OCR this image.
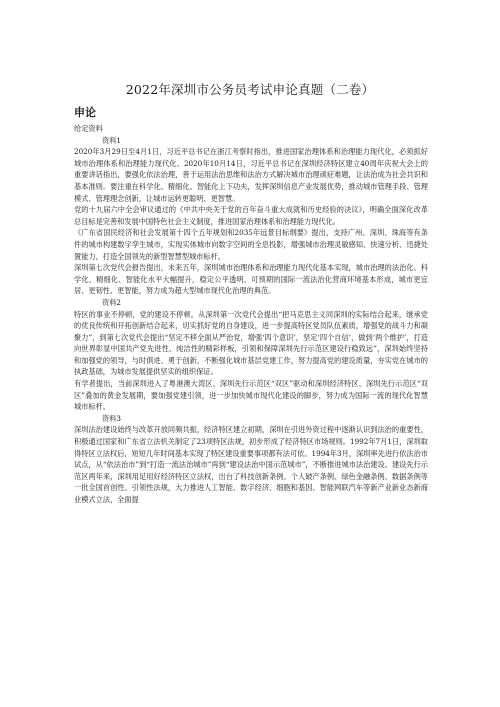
2022年深圳市公务员考试申论真题（二卷）
申论

给定资料

资料1

2020年3月29日至4月1日，习近平总书记在浙江考察时指出，推进国家治理体系和治理能力现代化，必须抓好城市治理体系和治理能力现代化。2020年10月14日，习近平总书记在深圳经济特区建立40周年庆祝大会上的重要讲话指出，要强化依法治理，善于运用法治思维和法治方式解决城市治理顽症难题，让法治成为社会共识和基本准则。要注重在科学化、精细化、智能化上下功夫，发挥深圳信息产业发展优势，推动城市管理手段、管理模式、管理理念创新，让城市运转更聪明、更智慧。

党的十九届六中全会审议通过的《中共中央关于党的百年奋斗重大成就和历史经验的决议》，明确全面深化改革总目标是完善和发展中国特色社会主义制度，推进国家治理体系和治理能力现代化。

《广东省国民经济和社会发展第十四个五年规划和2035年远景目标纲要》提出，支持广州、深圳、珠海等有条件的城市构建数字孪生城市，实现实体城市向数字空间的全息投影，增强城市治理灵敏感知、快速分析、迅捷处置能力，打造全国领先的新型智慧型城市标杆。

深圳第七次党代会报告提出，未来五年，深圳城市治理体系和治理能力现代化基本实现，城市治理的法治化、科学化、精细化、智能化水平大幅提升，稳定公平透明、可预期的国际一流法治化营商环境基本形成，城市更宜居、更韧性、更智能，努力成为超大型城市现代化治理的典范。

资料2

特区的事业不停顿，党的建设不停顿。从深圳第一次党代会提出“把马克思主义同深圳的实际结合起来，继承党的优良传统和开拓创新结合起来，切实抓好党的自身建设，进一步提高特区党员队伍素质，增强党的战斗力和凝聚力”，到第七次党代会提出“坚定不移全面从严治党，增强‘四个意识’，坚定‘四个自信’，做到‘两个维护’，打造向世界彰显中国共产党先进性、纯洁性的精彩样板，引领和保障深圳先行示范区建设行稳致远”，深圳始终坚持和加强党的领导，与时俱进、勇于创新，不断强化城市基层党建工作，努力提高党的建设质量，夯实党在城市的执政基础，为城市发展提供坚实的组织保证。

有学者提出，当前深圳进入了粤港澳大湾区、深圳先行示范区“双区”驱动和深圳经济特区、深圳先行示范区“双区”叠加的黄金发展期，要加强党建引领，进一步加快城市现代化建设的脚步，努力成为国际一流的现代化智慧城市标杆。

资料3

深圳法治建设始终与改革开放同频共振，经济特区建立初期，深圳在引进外资过程中逐渐认识到法治的重要性，积极通过国家和广东省立法机关制定了23项特区法规，初步形成了经济特区市场规则。1992年7月1日，深圳取得特区立法权后，短短几年时间基本实现了特区建设重要事项都有法可依。1994年3月，深圳率先进行依法治市试点，从“依法治市”到“打造一流法治城市”再到“建设法治中国示范城市”，不断推进城市法治建设。建设先行示范区两年来，深圳用足用好经济特区立法权，出台了科技创新条例、个人破产条例、绿色金融条例、数据条例等一批全国首创性、引领性法规，大力推进人工智能、数字经济、细胞和基因、智能网联汽车等新产业新业态新商业模式立法，全面提
